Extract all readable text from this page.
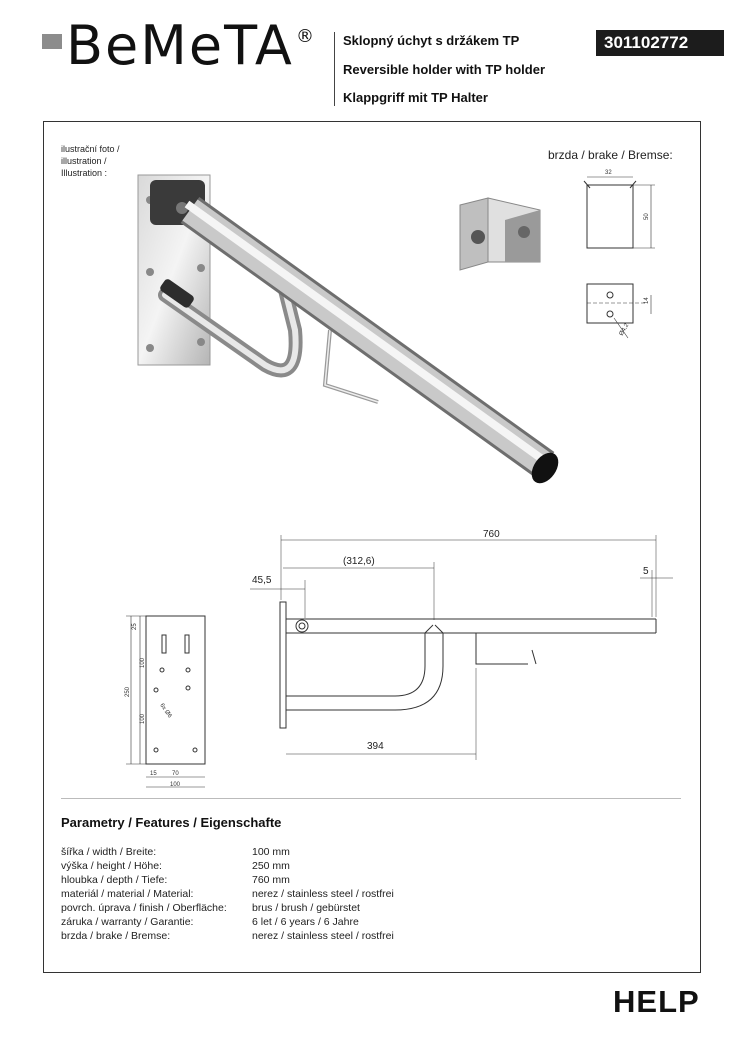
BeMeTA ® Sklopný úchyt s držákem TP
Reversible holder with TP holder
Klappgriff mit TP Halter
301102772
ilustrační foto /
illustration /
Illustration :
brzda / brake / Bremse:
32
50
14
Ø4,2
25
100
100
250
15	70
100
6x Ø6
760
(312,6)
45,5
5
394
Parametry / Features / Eigenschafte
šířka / width / Breite:	100 mm
výška / height / Höhe:	250 mm
hloubka / depth / Tiefe:	760 mm
materiál / material / Material:	nerez / stainless steel / rostfrei
povrch. úprava / finish / Oberfläche: brus / brush / gebürstet
záruka / warranty / Garantie:	6 let / 6 years / 6 Jahre
brzda / brake / Bremse:	nerez / stainless steel / rostfrei
HELP
